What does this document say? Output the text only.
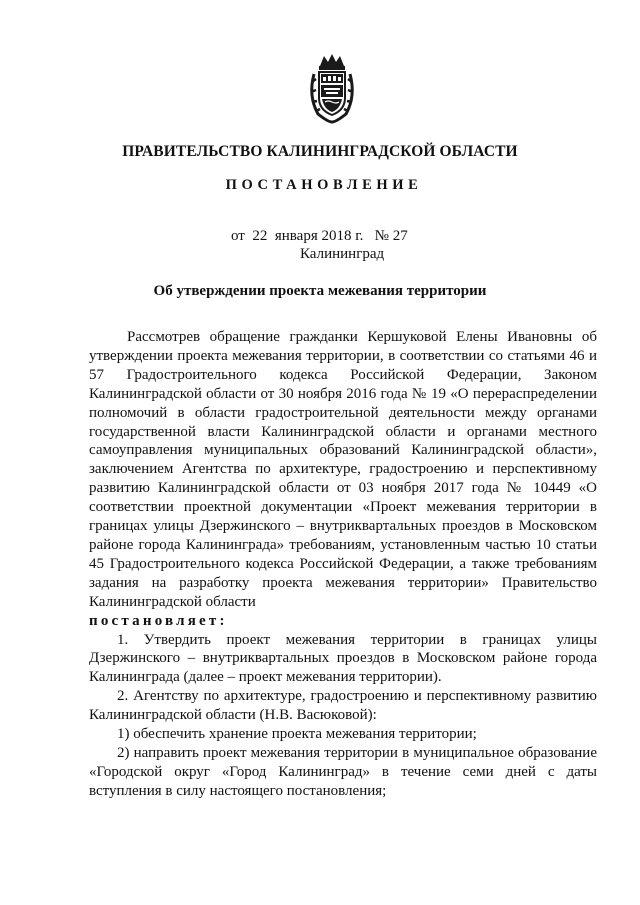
ПРАВИТЕЛЬСТВО КАЛИНИНГРАДСКОЙ ОБЛАСТИ
ПОСТАНОВЛЕНИЕ
от  22  января 2018 г.   № 27
Калининград
Об утверждении проекта межевания территории

Рассмотрев обращение гражданки Кершуковой Елены Ивановны об утверждении проекта межевания территории, в соответствии со статьями 46 и 57 Градостроительного кодекса Российской Федерации, Законом Калининградской области от 30 ноября 2016 года № 19 «О перераспределении полномочий в области градостроительной деятельности между органами государственной власти Калининградской области и органами местного самоуправления муниципальных образований Калининградской области», заключением Агентства по архитектуре, градостроению и перспективному развитию Калининградской области от 03 ноября 2017 года № 10449 «О соответствии проектной документации «Проект межевания территории в границах улицы Дзержинского – внутриквартальных проездов в Московском районе города Калининграда» требованиям, установленным частью 10 статьи 45 Градостроительного кодекса Российской Федерации, а также требованиям задания на разработку проекта межевания территории» Правительство Калининградской области

постановляет:

1. Утвердить проект межевания территории в границах улицы Дзержинского – внутриквартальных проездов в Московском районе города Калининграда (далее – проект межевания территории).

2. Агентству по архитектуре, градостроению и перспективному развитию Калининградской области (Н.В. Васюковой):

1) обеспечить хранение проекта межевания территории;

2) направить проект межевания территории в муниципальное образование «Городской округ «Город Калининград» в течение семи дней с даты вступления в силу настоящего постановления;
